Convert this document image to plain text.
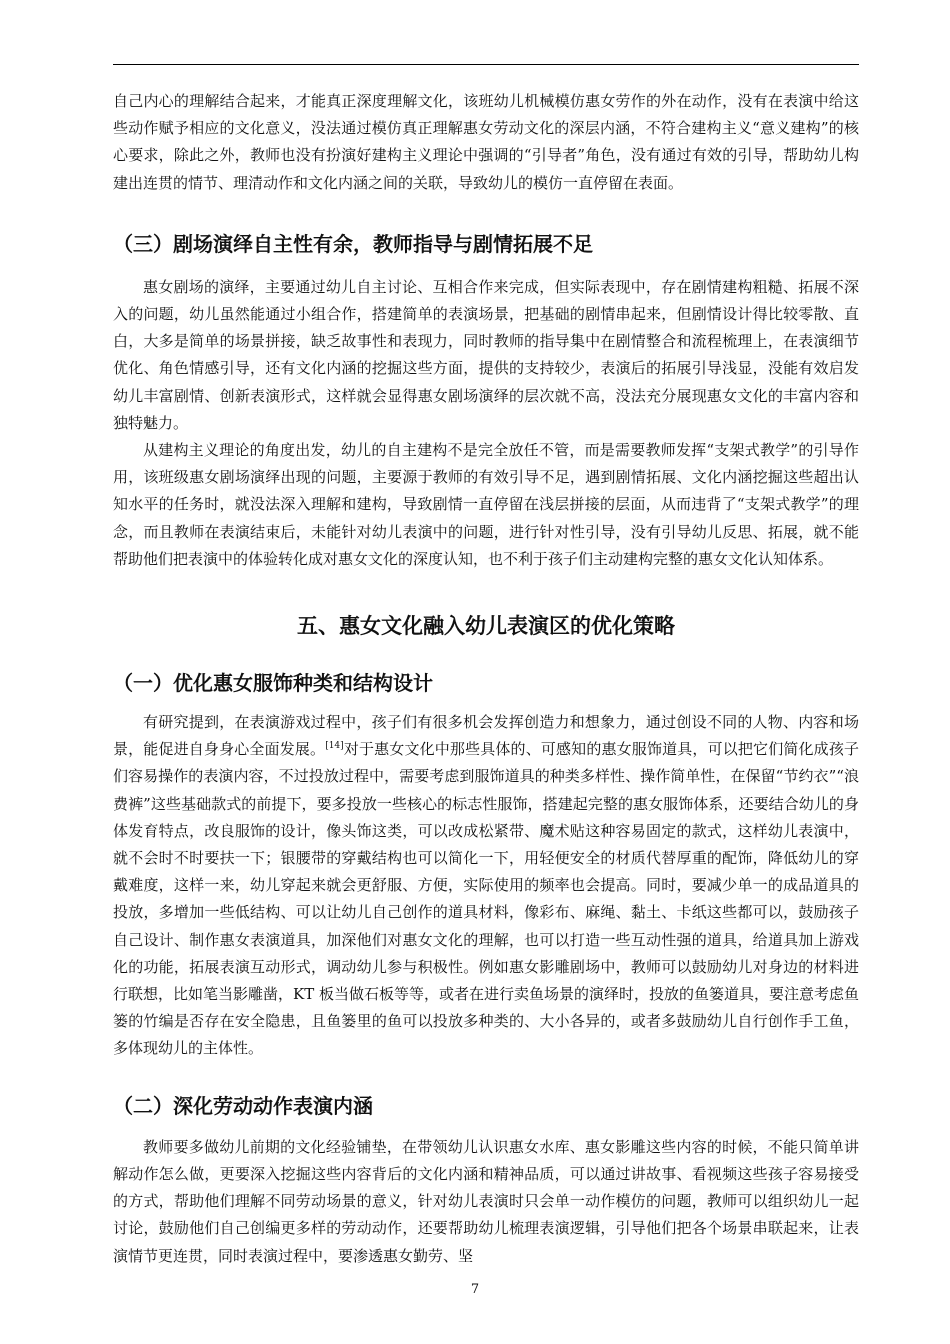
自己内心的理解结合起来，才能真正深度理解文化，该班幼儿机械模仿惠女劳作的外在动作，没有在表演中给这些动作赋予相应的文化意义，没法通过模仿真正理解惠女劳动文化的深层内涵，不符合建构主义“意义建构”的核心要求，除此之外，教师也没有扮演好建构主义理论中强调的“引导者”角色，没有通过有效的引导，帮助幼儿构建出连贯的情节、理清动作和文化内涵之间的关联，导致幼儿的模仿一直停留在表面。

（三）剧场演绎自主性有余，教师指导与剧情拓展不足

惠女剧场的演绎，主要通过幼儿自主讨论、互相合作来完成，但实际表现中，存在剧情建构粗糙、拓展不深入的问题，幼儿虽然能通过小组合作，搭建简单的表演场景，把基础的剧情串起来，但剧情设计得比较零散、直白，大多是简单的场景拼接，缺乏故事性和表现力，同时教师的指导集中在剧情整合和流程梳理上，在表演细节优化、角色情感引导，还有文化内涵的挖掘这些方面，提供的支持较少，表演后的拓展引导浅显，没能有效启发幼儿丰富剧情、创新表演形式，这样就会显得惠女剧场演绎的层次就不高，没法充分展现惠女文化的丰富内容和独特魅力。

从建构主义理论的角度出发，幼儿的自主建构不是完全放任不管，而是需要教师发挥“支架式教学”的引导作用，该班级惠女剧场演绎出现的问题，主要源于教师的有效引导不足，遇到剧情拓展、文化内涵挖掘这些超出认知水平的任务时，就没法深入理解和建构，导致剧情一直停留在浅层拼接的层面，从而违背了“支架式教学”的理念，而且教师在表演结束后，未能针对幼儿表演中的问题，进行针对性引导，没有引导幼儿反思、拓展，就不能帮助他们把表演中的体验转化成对惠女文化的深度认知，也不利于孩子们主动建构完整的惠女文化认知体系。

五、惠女文化融入幼儿表演区的优化策略
（一）优化惠女服饰种类和结构设计

有研究提到，在表演游戏过程中，孩子们有很多机会发挥创造力和想象力，通过创设不同的人物、内容和场景，能促进自身身心全面发展。[14]对于惠女文化中那些具体的、可感知的惠女服饰道具，可以把它们简化成孩子们容易操作的表演内容，不过投放过程中，需要考虑到服饰道具的种类多样性、操作简单性，在保留“节约衣”“浪费裤”这些基础款式的前提下，要多投放一些核心的标志性服饰，搭建起完整的惠女服饰体系，还要结合幼儿的身体发育特点，改良服饰的设计，像头饰这类，可以改成松紧带、魔术贴这种容易固定的款式，这样幼儿表演中，就不会时不时要扶一下；银腰带的穿戴结构也可以简化一下，用轻便安全的材质代替厚重的配饰，降低幼儿的穿戴难度，这样一来，幼儿穿起来就会更舒服、方便，实际使用的频率也会提高。同时，要减少单一的成品道具的投放，多增加一些低结构、可以让幼儿自己创作的道具材料，像彩布、麻绳、黏土、卡纸这些都可以，鼓励孩子自己设计、制作惠女表演道具，加深他们对惠女文化的理解，也可以打造一些互动性强的道具，给道具加上游戏化的功能，拓展表演互动形式，调动幼儿参与积极性。例如惠女影雕剧场中，教师可以鼓励幼儿对身边的材料进行联想，比如笔当影雕凿，KT 板当做石板等等，或者在进行卖鱼场景的演绎时，投放的鱼篓道具，要注意考虑鱼篓的竹编是否存在安全隐患，且鱼篓里的鱼可以投放多种类的、大小各异的，或者多鼓励幼儿自行创作手工鱼，多体现幼儿的主体性。

（二）深化劳动动作表演内涵

教师要多做幼儿前期的文化经验铺垫，在带领幼儿认识惠女水库、惠女影雕这些内容的时候，不能只简单讲解动作怎么做，更要深入挖掘这些内容背后的文化内涵和精神品质，可以通过讲故事、看视频这些孩子容易接受的方式，帮助他们理解不同劳动场景的意义，针对幼儿表演时只会单一动作模仿的问题，教师可以组织幼儿一起讨论，鼓励他们自己创编更多样的劳动动作，还要帮助幼儿梳理表演逻辑，引导他们把各个场景串联起来，让表演情节更连贯，同时表演过程中，要渗透惠女勤劳、坚

7
